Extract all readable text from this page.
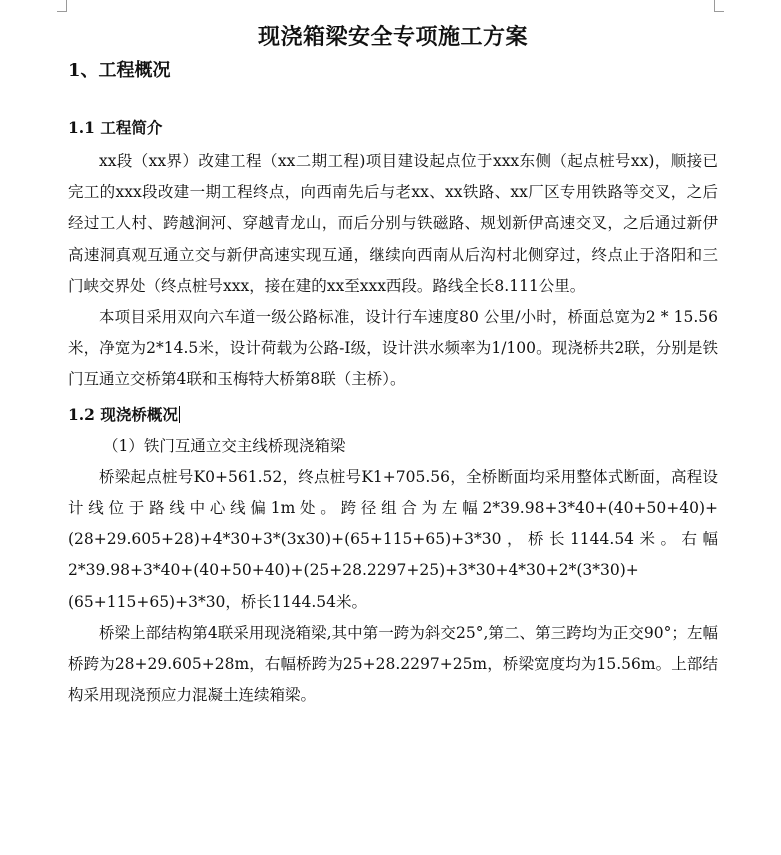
现浇箱梁安全专项施工方案
1、工程概况
1.1 工程简介

xx段（xx界）改建工程（xx二期工程)项目建设起点位于xxx东侧（起点桩号xx)，顺接已完工的xxx段改建一期工程终点，向西南先后与老xx、xx铁路、xx厂区专用铁路等交叉，之后经过工人村、跨越涧河、穿越青龙山，而后分别与铁磁路、规划新伊高速交叉，之后通过新伊高速洞真观互通立交与新伊高速实现互通，继续向西南从后沟村北侧穿过，终点止于洛阳和三门峡交界处（终点桩号xxx，接在建的xx至xxx西段。路线全长8.111公里。

本项目采用双向六车道一级公路标准，设计行车速度80 公里/小时，桥面总宽为2 * 15.56米，净宽为2*14.5米，设计荷载为公路-I级，设计洪水频率为1/100。现浇桥共2联，分别是铁门互通立交桥第4联和玉梅特大桥第8联（主桥）。

1.2 现浇桥概况

（1）铁门互通立交主线桥现浇箱梁

桥梁起点桩号K0+561.52，终点桩号K1+705.56，全桥断面均采用整体式断面，高程设计线位于路线中心线偏1m处。跨径组合为左幅2*39.98+3*40+(40+50+40)+(28+29.605+28)+4*30+3*(3x30)+(65+115+65)+3*30，桥长1144.54米。右幅2*39.98+3*40+(40+50+40)+(25+28.2297+25)+3*30+4*30+2*(3*30)+(65+115+65)+3*30，桥长1144.54米。

桥梁上部结构第4联采用现浇箱梁,其中第一跨为斜交25°,第二、第三跨均为正交90°；左幅桥跨为28+29.605+28m，右幅桥跨为25+28.2297+25m，桥梁宽度均为15.56m。上部结构采用现浇预应力混凝土连续箱梁。
